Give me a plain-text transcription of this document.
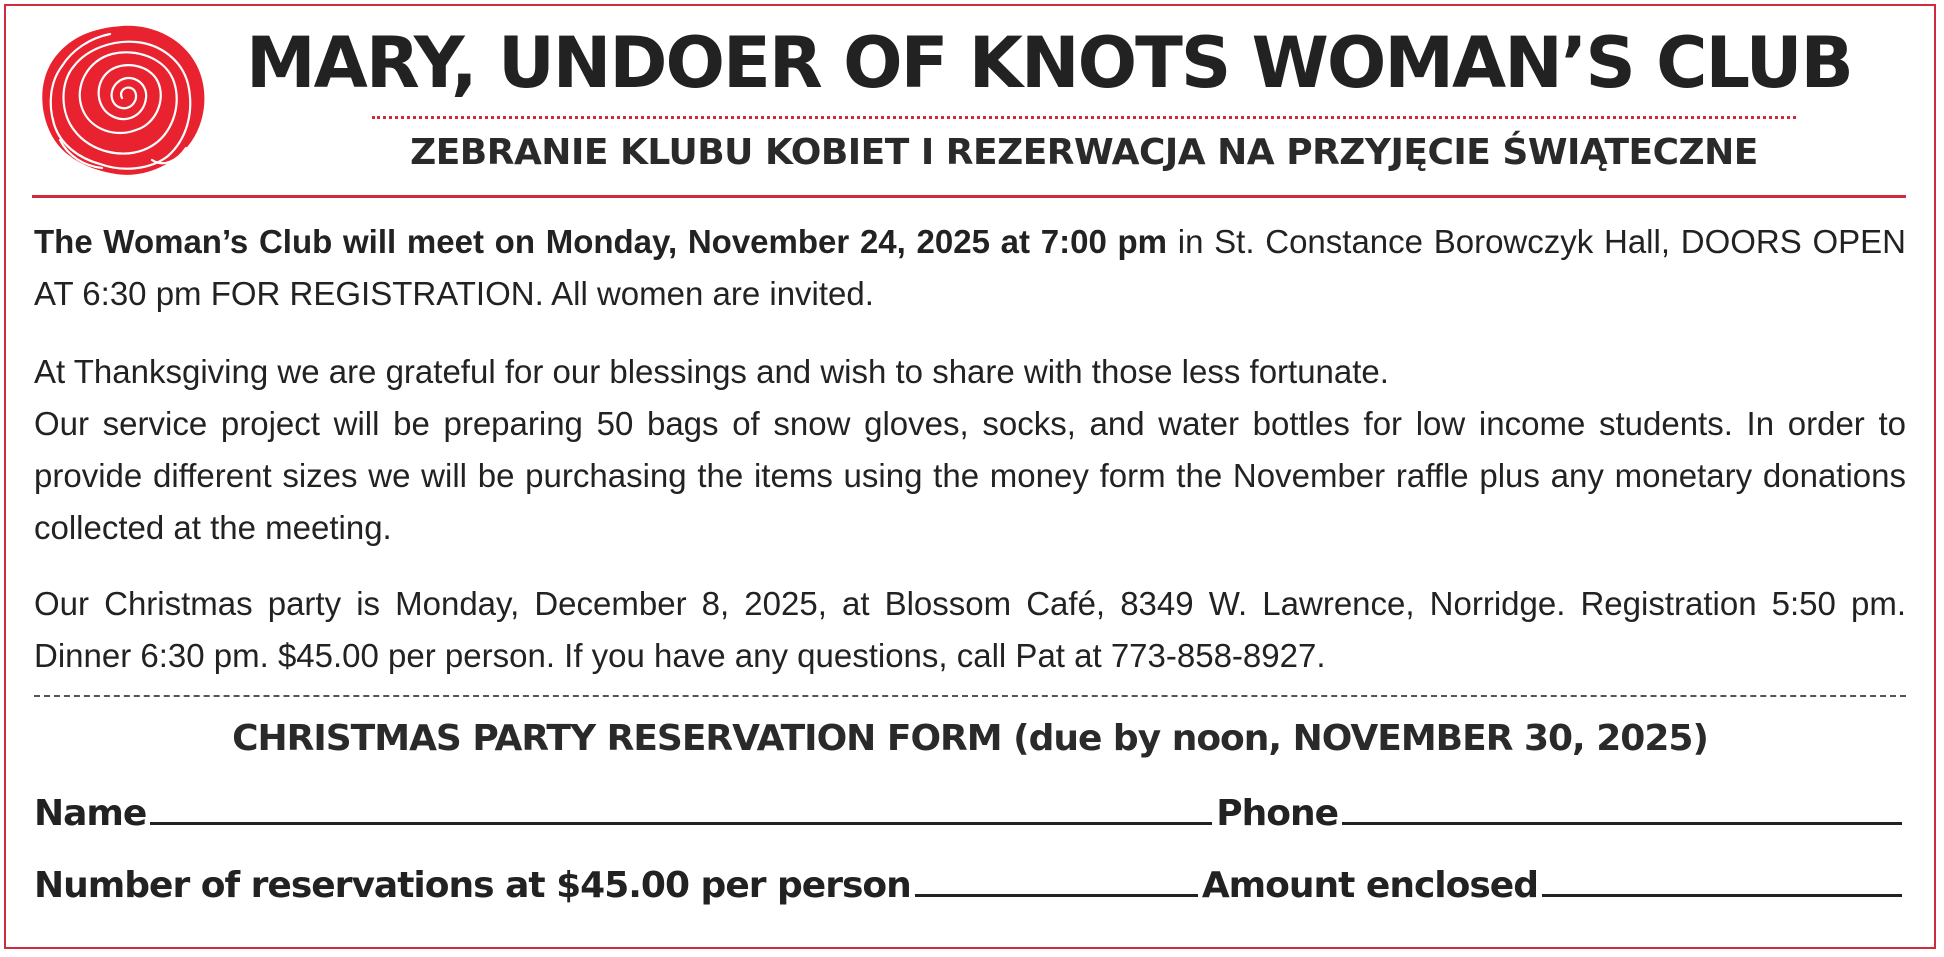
MARY, UNDOER OF KNOTS WOMAN’S CLUB
ZEBRANIE KLUBU KOBIET I REZERWACJA NA PRZYJĘCIE ŚWIĄTECZNE

The Woman’s Club will meet on Monday, November 24, 2025 at 7:00 pm in St. Constance Borowczyk Hall, DOORS OPEN AT 6:30 pm FOR REGISTRATION. All women are invited.

At Thanksgiving we are grateful for our blessings and wish to share with those less fortunate.
Our service project will be preparing 50 bags of snow gloves, socks, and water bottles for low income students. In order to provide different sizes we will be purchasing the items using the money form the November raffle plus any monetary donations collected at the meeting.

Our Christmas party is Monday, December 8, 2025, at Blossom Café, 8349 W. Lawrence, Norridge. Registration 5:50 pm. Dinner 6:30 pm. $45.00 per person. If you have any questions, call Pat at 773-858-8927.

CHRISTMAS PARTY RESERVATION FORM (due by noon, NOVEMBER 30, 2025)
Name	Phone
Number of reservations at $45.00 per person	Amount enclosed
